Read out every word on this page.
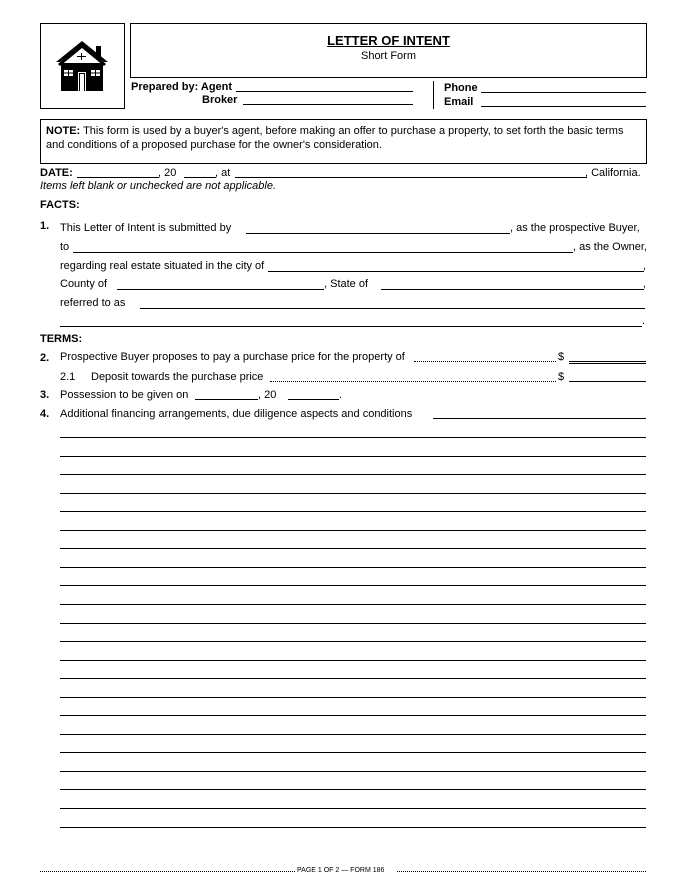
LETTER OF INTENT
Short Form
Prepared by: Agent
Broker
Phone
Email
NOTE: This form is used by a buyer's agent, before making an offer to purchase a property, to set forth the basic terms and conditions of a proposed purchase for the owner's consideration.
DATE:	, 20	, at	, California.
Items left blank or unchecked are not applicable.
FACTS:
1. This Letter of Intent is submitted by	, as the prospective Buyer,
to	, as the Owner,
regarding real estate situated in the city of	,
County of	, State of	,
referred to as
.
TERMS:
2. Prospective Buyer proposes to pay a purchase price for the property of	$
2.1 Deposit towards the purchase price	$
3. Possession to be given on	, 20	.
4. Additional financing arrangements, due diligence aspects and conditions
PAGE 1 OF 2 — FORM 186
